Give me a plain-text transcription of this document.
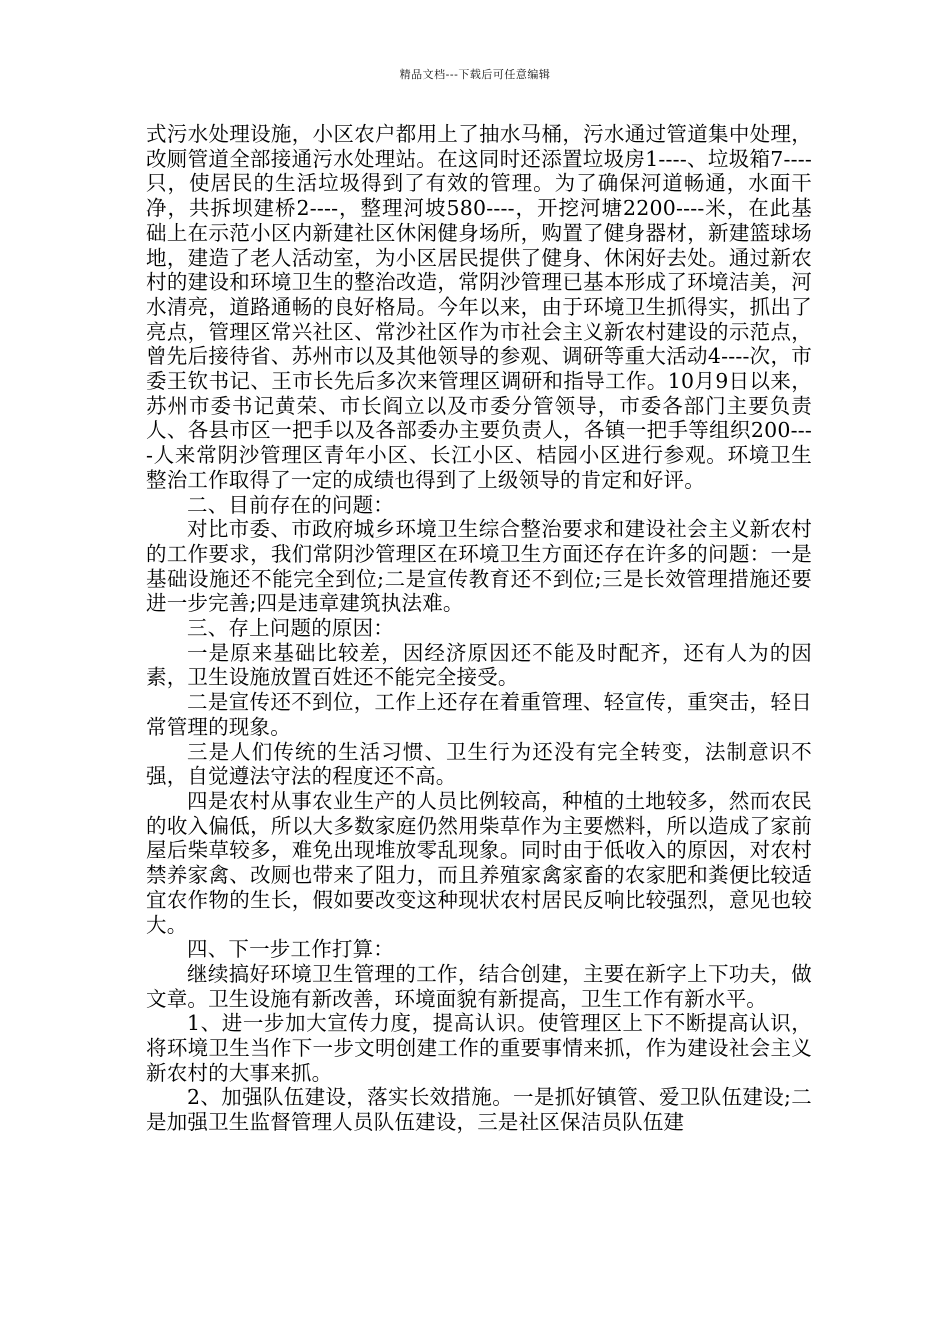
精品文档---下载后可任意编辑

式污水处理设施，小区农户都用上了抽水马桶，污水通过管道集中处理，改厕管道全部接通污水处理站。在这同时还添置垃圾房1----、垃圾箱7----只，使居民的生活垃圾得到了有效的管理。为了确保河道畅通，水面干净，共拆坝建桥2----，整理河坡580----，开挖河塘2200----米，在此基础上在示范小区内新建社区休闲健身场所，购置了健身器材，新建篮球场地，建造了老人活动室，为小区居民提供了健身、休闲好去处。通过新农村的建设和环境卫生的整治改造，常阴沙管理已基本形成了环境洁美，河水清亮，道路通畅的良好格局。今年以来，由于环境卫生抓得实，抓出了亮点，管理区常兴社区、常沙社区作为市社会主义新农村建设的示范点，曾先后接待省、苏州市以及其他领导的参观、调研等重大活动4----次，市委王钦书记、王市长先后多次来管理区调研和指导工作。10月9日以来，苏州市委书记黄荣、市长阎立以及市委分管领导，市委各部门主要负责人、各县市区一把手以及各部委办主要负责人，各镇一把手等组织200----人来常阴沙管理区青年小区、长江小区、桔园小区进行参观。环境卫生整治工作取得了一定的成绩也得到了上级领导的肯定和好评。

二、目前存在的问题：

对比市委、市政府城乡环境卫生综合整治要求和建设社会主义新农村的工作要求，我们常阴沙管理区在环境卫生方面还存在许多的问题：一是基础设施还不能完全到位;二是宣传教育还不到位;三是长效管理措施还要进一步完善;四是违章建筑执法难。

三、存上问题的原因：

一是原来基础比较差，因经济原因还不能及时配齐，还有人为的因素，卫生设施放置百姓还不能完全接受。

二是宣传还不到位，工作上还存在着重管理、轻宣传，重突击，轻日常管理的现象。

三是人们传统的生活习惯、卫生行为还没有完全转变，法制意识不强，自觉遵法守法的程度还不高。

四是农村从事农业生产的人员比例较高，种植的土地较多，然而农民的收入偏低，所以大多数家庭仍然用柴草作为主要燃料，所以造成了家前屋后柴草较多，难免出现堆放零乱现象。同时由于低收入的原因，对农村禁养家禽、改厕也带来了阻力，而且养殖家禽家畜的农家肥和粪便比较适宜农作物的生长，假如要改变这种现状农村居民反响比较强烈，意见也较大。

四、下一步工作打算：

继续搞好环境卫生管理的工作，结合创建，主要在新字上下功夫，做文章。卫生设施有新改善，环境面貌有新提高，卫生工作有新水平。

1、进一步加大宣传力度，提高认识。使管理区上下不断提高认识，将环境卫生当作下一步文明创建工作的重要事情来抓，作为建设社会主义新农村的大事来抓。

2、加强队伍建设，落实长效措施。一是抓好镇管、爱卫队伍建设;二是加强卫生监督管理人员队伍建设，三是社区保洁员队伍建
